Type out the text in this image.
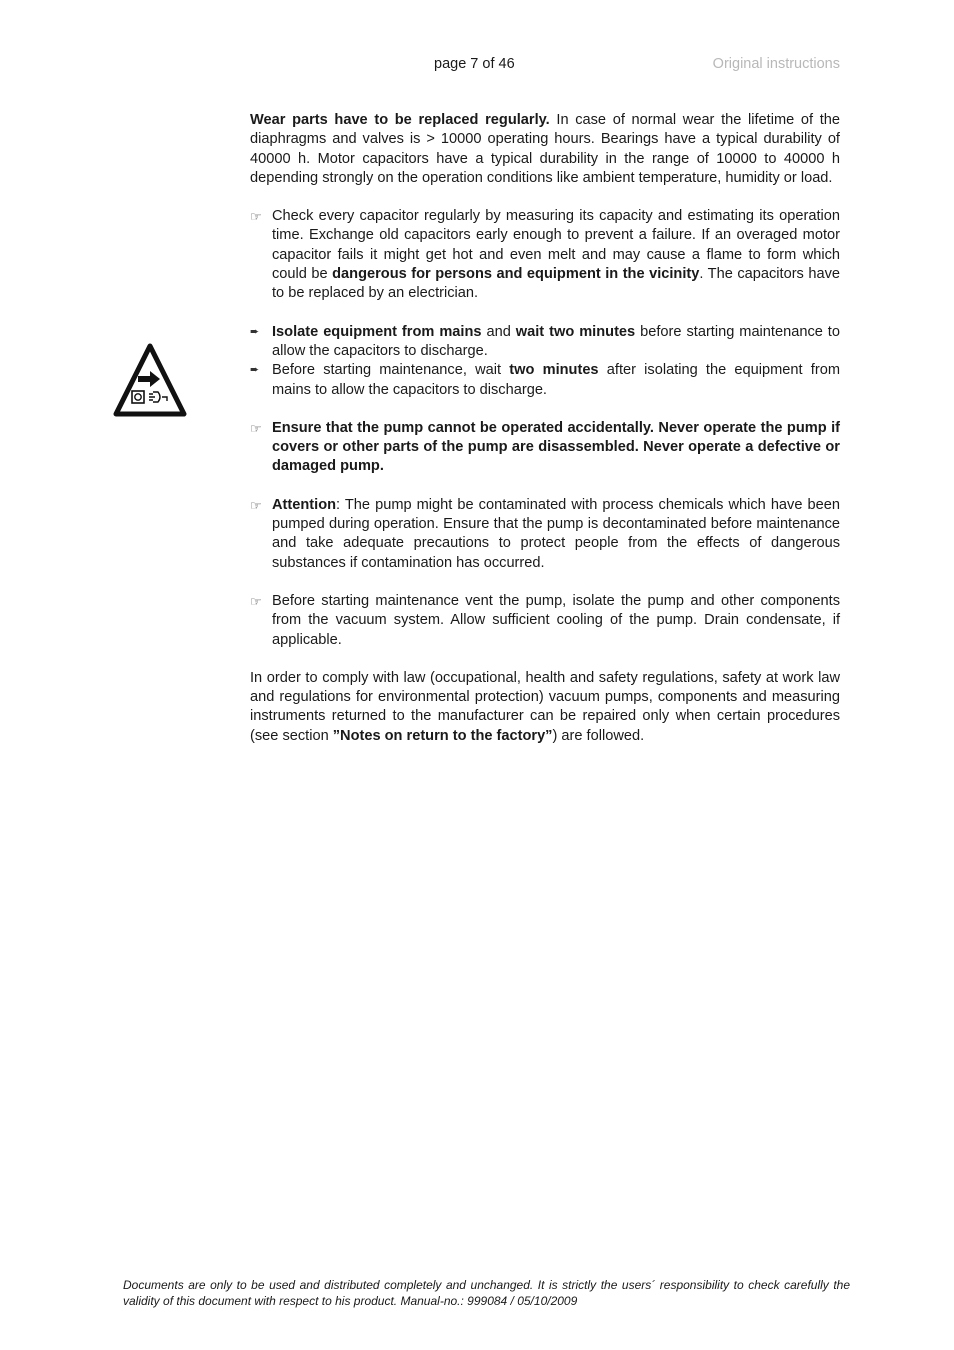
page 7 of 46	Original instructions

Wear parts have to be replaced regularly. In case of normal wear the lifetime of the diaphragms and valves is > 10000 operating hours. Bearings have a typical durability of 40000 h. Motor capacitors have a typical durability in the range of 10000 to 40000 h depending strongly on the operation conditions like ambient temperature, humidity or load.

☞ Check every capacitor regularly by measuring its capacity and estimating its operation time. Exchange old capacitors early enough to prevent a failure. If an overaged motor capacitor fails it might get hot and even melt and may cause a flame to form which could be dangerous for persons and equipment in the vicinity. The capacitors have to be replaced by an electrician.

➨ Isolate equipment from mains and wait two minutes before starting maintenance to allow the capacitors to discharge.

➨ Before starting maintenance, wait two minutes after isolating the equipment from mains to allow the capacitors to discharge.

☞ Ensure that the pump cannot be operated accidentally. Never operate the pump if covers or other parts of the pump are disassembled. Never operate a defective or damaged pump.

☞ Attention: The pump might be contaminated with process chemicals which have been pumped during operation. Ensure that the pump is decontaminated before maintenance and take adequate precautions to protect people from the effects of dangerous substances if contamination has occurred.

☞ Before starting maintenance vent the pump, isolate the pump and other components from the vacuum system. Allow sufficient cooling of the pump. Drain condensate, if applicable.

In order to comply with law (occupational, health and safety regulations, safety at work law and regulations for environmental protection) vacuum pumps, components and measuring instruments returned to the manufacturer can be repaired only when certain procedures (see section ”Notes on return to the factory”) are followed.

Documents are only to be used and distributed completely and unchanged. It is strictly the users´ responsibility to check carefully the validity of this document with respect to his product. Manual-no.: 999084 / 05/10/2009
